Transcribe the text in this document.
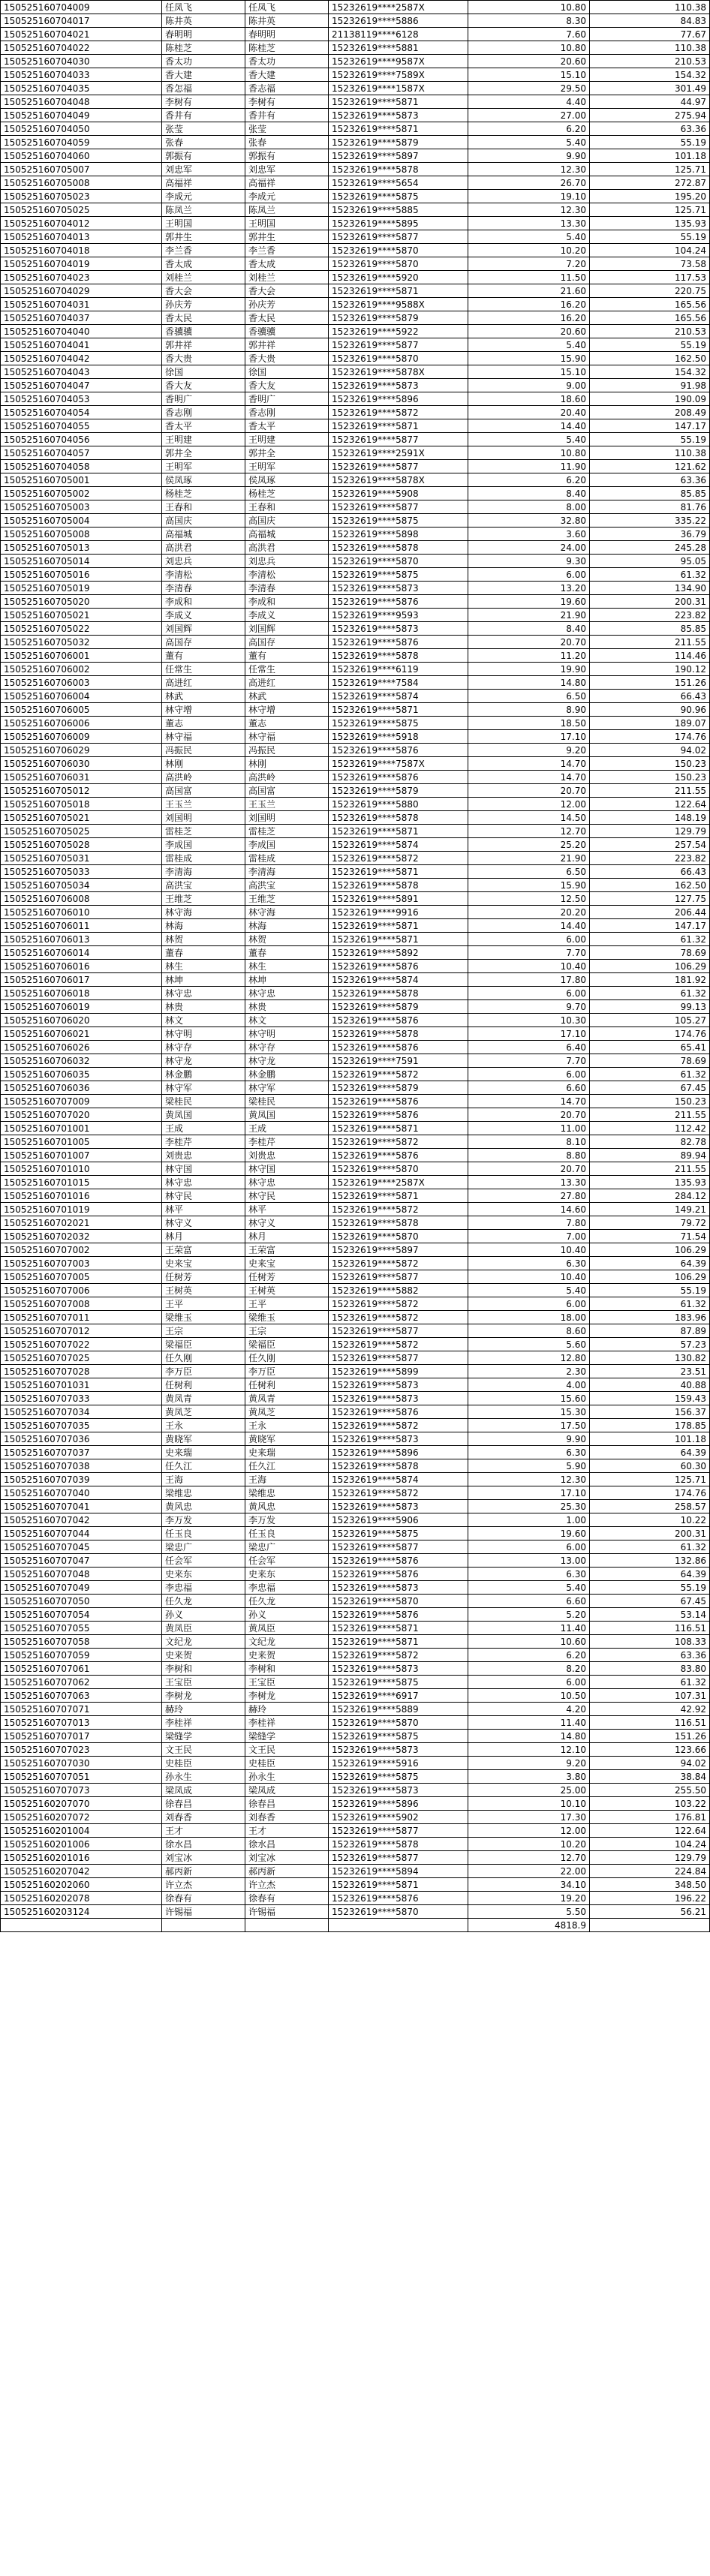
150525160704009	任凤飞	任凤飞	15232619****2587X	10.80	110.38
150525160704017	陈井英	陈井英	15232619****5886	8.30	84.83
150525160704021	春明明	春明明	21138119****6128	7.60	77.67
150525160704022	陈桂芝	陈桂芝	15232619****5881	10.80	110.38
150525160704030	香太功	香太功	15232619****9587X	20.60	210.53
150525160704033	香大建	香大建	15232619****7589X	15.10	154.32
150525160704035	香怎福	香志福	15232619****1587X	29.50	301.49
150525160704048	李树有	李树有	15232619****5871	4.40	44.97
150525160704049	香井有	香井有	15232619****5873	27.00	275.94
150525160704050	张莹	张莹	15232619****5871	6.20	63.36
150525160704059	张春	张春	15232619****5879	5.40	55.19
150525160704060	郭振有	郭振有	15232619****5897	9.90	101.18
150525160705007	刘忠军	刘忠军	15232619****5878	12.30	125.71
150525160705008	高福祥	高福祥	15232619****5654	26.70	272.87
150525160705023	李成元	李成元	15232619****5875	19.10	195.20
150525160705025	陈凤兰	陈凤兰	15232619****5885	12.30	125.71
150525160704012	王明国	王明国	15232619****5895	13.30	135.93
150525160704013	郭井生	郭井生	15232619****5877	5.40	55.19
150525160704018	李兰香	李兰香	15232619****5870	10.20	104.24
150525160704019	香太成	香太成	15232619****5870	7.20	73.58
150525160704023	刘桂兰	刘桂兰	15232619****5920	11.50	117.53
150525160704029	香大会	香大会	15232619****5871	21.60	220.75
150525160704031	孙庆芳	孙庆芳	15232619****9588X	16.20	165.56
150525160704037	香太民	香太民	15232619****5879	16.20	165.56
150525160704040	香骥骥	香骥骥	15232619****5922	20.60	210.53
150525160704041	郭井祥	郭井祥	15232619****5877	5.40	55.19
150525160704042	香大贵	香大贵	15232619****5870	15.90	162.50
150525160704043	徐国	徐国	15232619****5878X	15.10	154.32
150525160704047	香大友	香大友	15232619****5873	9.00	91.98
150525160704053	香明广	香明广	15232619****5896	18.60	190.09
150525160704054	香志刚	香志刚	15232619****5872	20.40	208.49
150525160704055	香太平	香太平	15232619****5871	14.40	147.17
150525160704056	王明建	王明建	15232619****5877	5.40	55.19
150525160704057	郭井全	郭井全	15232619****2591X	10.80	110.38
150525160704058	王明军	王明军	15232619****5877	11.90	121.62
150525160705001	侯凤琢	侯凤琢	15232619****5878X	6.20	63.36
150525160705002	杨桂芝	杨桂芝	15232619****5908	8.40	85.85
150525160705003	王春和	王春和	15232619****5877	8.00	81.76
150525160705004	高国庆	高国庆	15232619****5875	32.80	335.22
150525160705008	高福城	高福城	15232619****5898	3.60	36.79
150525160705013	高洪君	高洪君	15232619****5878	24.00	245.28
150525160705014	刘忠兵	刘忠兵	15232619****5870	9.30	95.05
150525160705016	李清松	李清松	15232619****5875	6.00	61.32
150525160705019	李清春	李清春	15232619****5873	13.20	134.90
150525160705020	李成和	李成和	15232619****5876	19.60	200.31
150525160705021	李成义	李成义	15232619****9593	21.90	223.82
150525160705022	刘国辉	刘国辉	15232619****5873	8.40	85.85
150525160705032	高国存	高国存	15232619****5876	20.70	211.55
150525160706001	董有	董有	15232619****5878	11.20	114.46
150525160706002	任常生	任常生	15232619****6119	19.90	190.12
150525160706003	高进红	高进红	15232619****7584	14.80	151.26
150525160706004	林武	林武	15232619****5874	6.50	66.43
150525160706005	林守增	林守增	15232619****5871	8.90	90.96
150525160706006	董志	董志	15232619****5875	18.50	189.07
150525160706009	林守福	林守福	15232619****5918	17.10	174.76
150525160706029	冯振民	冯振民	15232619****5876	9.20	94.02
150525160706030	林刚	林刚	15232619****7587X	14.70	150.23
150525160706031	高洪岭	高洪岭	15232619****5876	14.70	150.23
150525160705012	高国富	高国富	15232619****5879	20.70	211.55
150525160705018	王玉兰	王玉兰	15232619****5880	12.00	122.64
150525160705021	刘国明	刘国明	15232619****5878	14.50	148.19
150525160705025	雷桂芝	雷桂芝	15232619****5871	12.70	129.79
150525160705028	李成国	李成国	15232619****5874	25.20	257.54
150525160705031	雷桂成	雷桂成	15232619****5872	21.90	223.82
150525160705033	李清海	李清海	15232619****5871	6.50	66.43
150525160705034	高洪宝	高洪宝	15232619****5878	15.90	162.50
150525160706008	王维芝	王维芝	15232619****5891	12.50	127.75
150525160706010	林守海	林守海	15232619****9916	20.20	206.44
150525160706011	林海	林海	15232619****5871	14.40	147.17
150525160706013	林贺	林贺	15232619****5871	6.00	61.32
150525160706014	董春	董春	15232619****5892	7.70	78.69
150525160706016	林生	林生	15232619****5876	10.40	106.29
150525160706017	林坤	林坤	15232619****5874	17.80	181.92
150525160706018	林守忠	林守忠	15232619****5878	6.00	61.32
150525160706019	林贵	林贵	15232619****5879	9.70	99.13
150525160706020	林文	林文	15232619****5876	10.30	105.27
150525160706021	林守明	林守明	15232619****5878	17.10	174.76
150525160706026	林守存	林守存	15232619****5876	6.40	65.41
150525160706032	林守龙	林守龙	15232619****7591	7.70	78.69
150525160706035	林金鹏	林金鹏	15232619****5872	6.00	61.32
150525160706036	林守军	林守军	15232619****5879	6.60	67.45
150525160707009	梁桂民	梁桂民	15232619****5876	14.70	150.23
150525160707020	黄凤国	黄凤国	15232619****5876	20.70	211.55
150525160701001	王成	王成	15232619****5871	11.00	112.42
150525160701005	李桂芹	李桂芹	15232619****5872	8.10	82.78
150525160701007	刘贵忠	刘贵忠	15232619****5876	8.80	89.94
150525160701010	林守国	林守国	15232619****5870	20.70	211.55
150525160701015	林守忠	林守忠	15232619****2587X	13.30	135.93
150525160701016	林守民	林守民	15232619****5871	27.80	284.12
150525160701019	林平	林平	15232619****5872	14.60	149.21
150525160702021	林守义	林守义	15232619****5878	7.80	79.72
150525160702032	林月	林月	15232619****5870	7.00	71.54
150525160707002	王荣富	王荣富	15232619****5897	10.40	106.29
150525160707003	史来宝	史来宝	15232619****5872	6.30	64.39
150525160707005	任树芳	任树芳	15232619****5877	10.40	106.29
150525160707006	王树英	王树英	15232619****5882	5.40	55.19
150525160707008	王平	王平	15232619****5872	6.00	61.32
150525160707011	梁维玉	梁维玉	15232619****5872	18.00	183.96
150525160707012	王宗	王宗	15232619****5877	8.60	87.89
150525160707022	梁福臣	梁福臣	15232619****5872	5.60	57.23
150525160707025	任久刚	任久刚	15232619****5877	12.80	130.82
150525160707028	李万臣	李万臣	15232619****5899	2.30	23.51
150525160701031	任树利	任树利	15232619****5873	4.00	40.88
150525160707033	黄凤青	黄凤青	15232619****5873	15.60	159.43
150525160707034	黄凤芝	黄凤芝	15232619****5876	15.30	156.37
150525160707035	王永	王永	15232619****5872	17.50	178.85
150525160707036	黄晓军	黄晓军	15232619****5873	9.90	101.18
150525160707037	史来瑞	史来瑞	15232619****5896	6.30	64.39
150525160707038	任久江	任久江	15232619****5878	5.90	60.30
150525160707039	王海	王海	15232619****5874	12.30	125.71
150525160707040	梁维忠	梁维忠	15232619****5872	17.10	174.76
150525160707041	黄风忠	黄风忠	15232619****5873	25.30	258.57
150525160707042	李万发	李万发	15232619****5906	1.00	10.22
150525160707044	任玉良	任玉良	15232619****5875	19.60	200.31
150525160707045	梁忠广	梁忠广	15232619****5877	6.00	61.32
150525160707047	任会军	任会军	15232619****5876	13.00	132.86
150525160707048	史来东	史来东	15232619****5876	6.30	64.39
150525160707049	李忠福	李忠福	15232619****5873	5.40	55.19
150525160707050	任久龙	任久龙	15232619****5870	6.60	67.45
150525160707054	孙义	孙义	15232619****5876	5.20	53.14
150525160707055	黄凤臣	黄凤臣	15232619****5871	11.40	116.51
150525160707058	文纪龙	文纪龙	15232619****5871	10.60	108.33
150525160707059	史来贺	史来贺	15232619****5872	6.20	63.36
150525160707061	李树和	李树和	15232619****5873	8.20	83.80
150525160707062	王宝臣	王宝臣	15232619****5875	6.00	61.32
150525160707063	李树龙	李树龙	15232619****6917	10.50	107.31
150525160707071	赫玲	赫玲	15232619****5889	4.20	42.92
150525160707013	李桂祥	李桂祥	15232619****5870	11.40	116.51
150525160707017	梁缝学	梁缝学	15232619****5875	14.80	151.26
150525160707023	文王民	文王民	15232619****5873	12.10	123.66
150525160707030	史桂臣	史桂臣	15232619****5916	9.20	94.02
150525160707051	孙永生	孙永生	15232619****5875	3.80	38.84
150525160707073	梁凤成	梁凤成	15232619****5873	25.00	255.50
150525160207070	徐春昌	徐春昌	15232619****5896	10.10	103.22
150525160207072	刘春香	刘春香	15232619****5902	17.30	176.81
150525160201004	王才	王才	15232619****5877	12.00	122.64
150525160201006	徐水昌	徐水昌	15232619****5878	10.20	104.24
150525160201016	刘宝冰	刘宝冰	15232619****5877	12.70	129.79
150525160207042	郝丙新	郝丙新	15232619****5894	22.00	224.84
150525160202060	许立杰	许立杰	15232619****5871	34.10	348.50
150525160202078	徐春有	徐春有	15232619****5876	19.20	196.22
150525160203124	许锡福	许锡福	15232619****5870	5.50	56.21
				4818.9	
